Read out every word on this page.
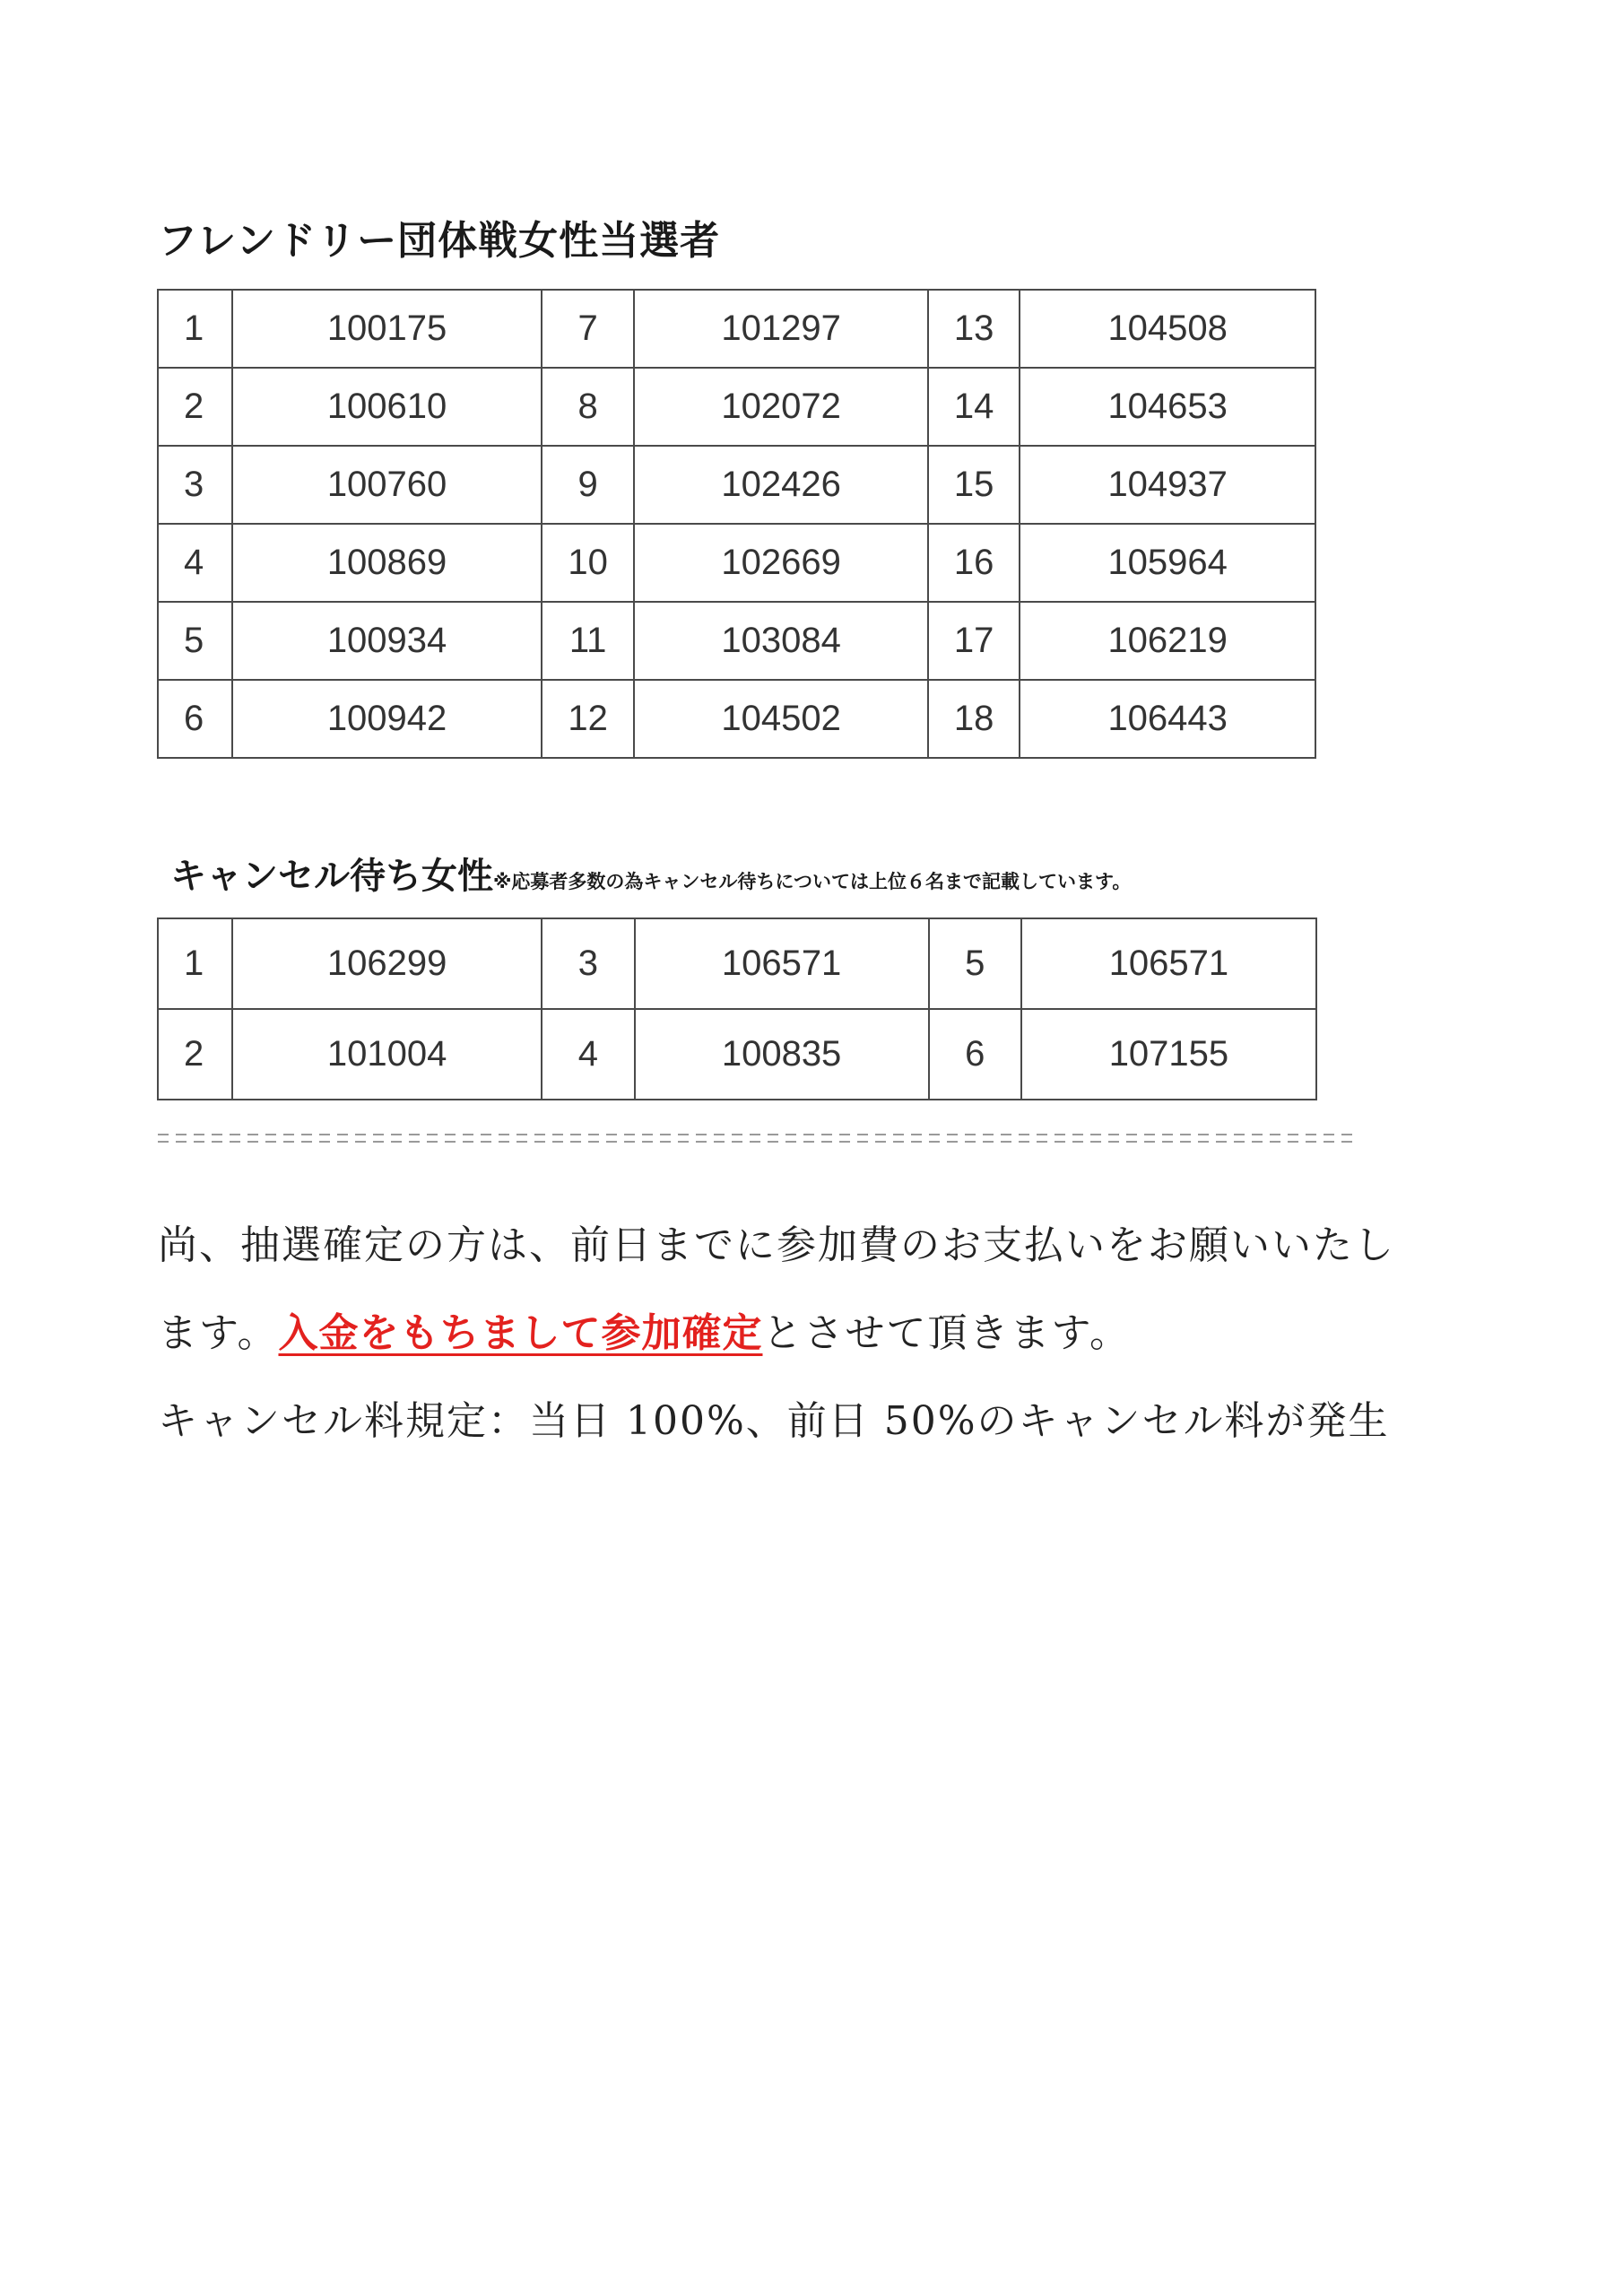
フレンドリー団体戦女性当選者
1	100175	7	101297	13	104508
2	100610	8	102072	14	104653
3	100760	9	102426	15	104937
4	100869	10	102669	16	105964
5	100934	11	103084	17	106219
6	100942	12	104502	18	106443
キャンセル待ち女性※応募者多数の為キャンセル待ちについては上位６名まで記載しています。
1	106299	3	106571	5	106571
2	101004	4	100835	6	107155
尚、抽選確定の方は、前日までに参加費のお支払いをお願いいたし
ます。入金をもちまして参加確定とさせて頂きます。
キャンセル料規定：当日 100%、前日 50%のキャンセル料が発生
